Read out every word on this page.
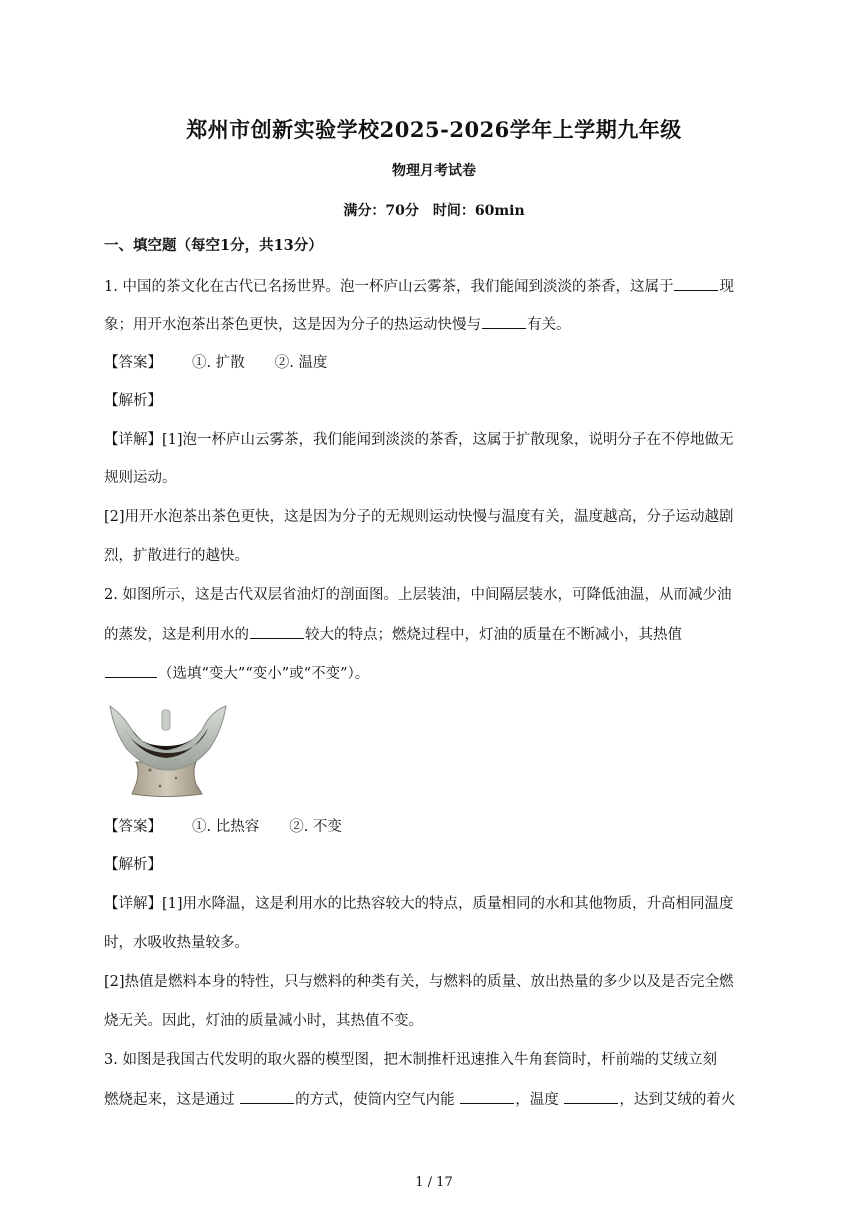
郑州市创新实验学校2025-2026学年上学期九年级
物理月考试卷
满分：70分　时间：60min
一、填空题（每空1分，共13分）
1. 中国的茶文化在古代已名扬世界。泡一杯庐山云雾茶，我们能闻到淡淡的茶香，这属于	现
象；用开水泡茶出茶色更快，这是因为分子的热运动快慢与	有关。
【答案】 ①. 扩散 ②. 温度
【解析】
【详解】[1]泡一杯庐山云雾茶，我们能闻到淡淡的茶香，这属于扩散现象，说明分子在不停地做无
规则运动。
[2]用开水泡茶出茶色更快，这是因为分子的无规则运动快慢与温度有关，温度越高，分子运动越剧
烈，扩散进行的越快。
2. 如图所示，这是古代双层省油灯的剖面图。上层装油，中间隔层装水，可降低油温，从而减少油
的蒸发，这是利用水的	较大的特点；燃烧过程中，灯油的质量在不断减小，其热值
（选填“变大”“变小”或“不变”）。
【答案】 ①. 比热容 ②. 不变
【解析】
【详解】[1]用水降温，这是利用水的比热容较大的特点，质量相同的水和其他物质，升高相同温度
时，水吸收热量较多。
[2]热值是燃料本身的特性，只与燃料的种类有关，与燃料的质量、放出热量的多少以及是否完全燃
烧无关。因此，灯油的质量减小时，其热值不变。
3. 如图是我国古代发明的取火器的模型图，把木制推杆迅速推入牛角套筒时，杆前端的艾绒立刻
燃烧起来，这是通过	的方式，使筒内空气内能	，温度	，达到艾绒的着火
1 / 17
